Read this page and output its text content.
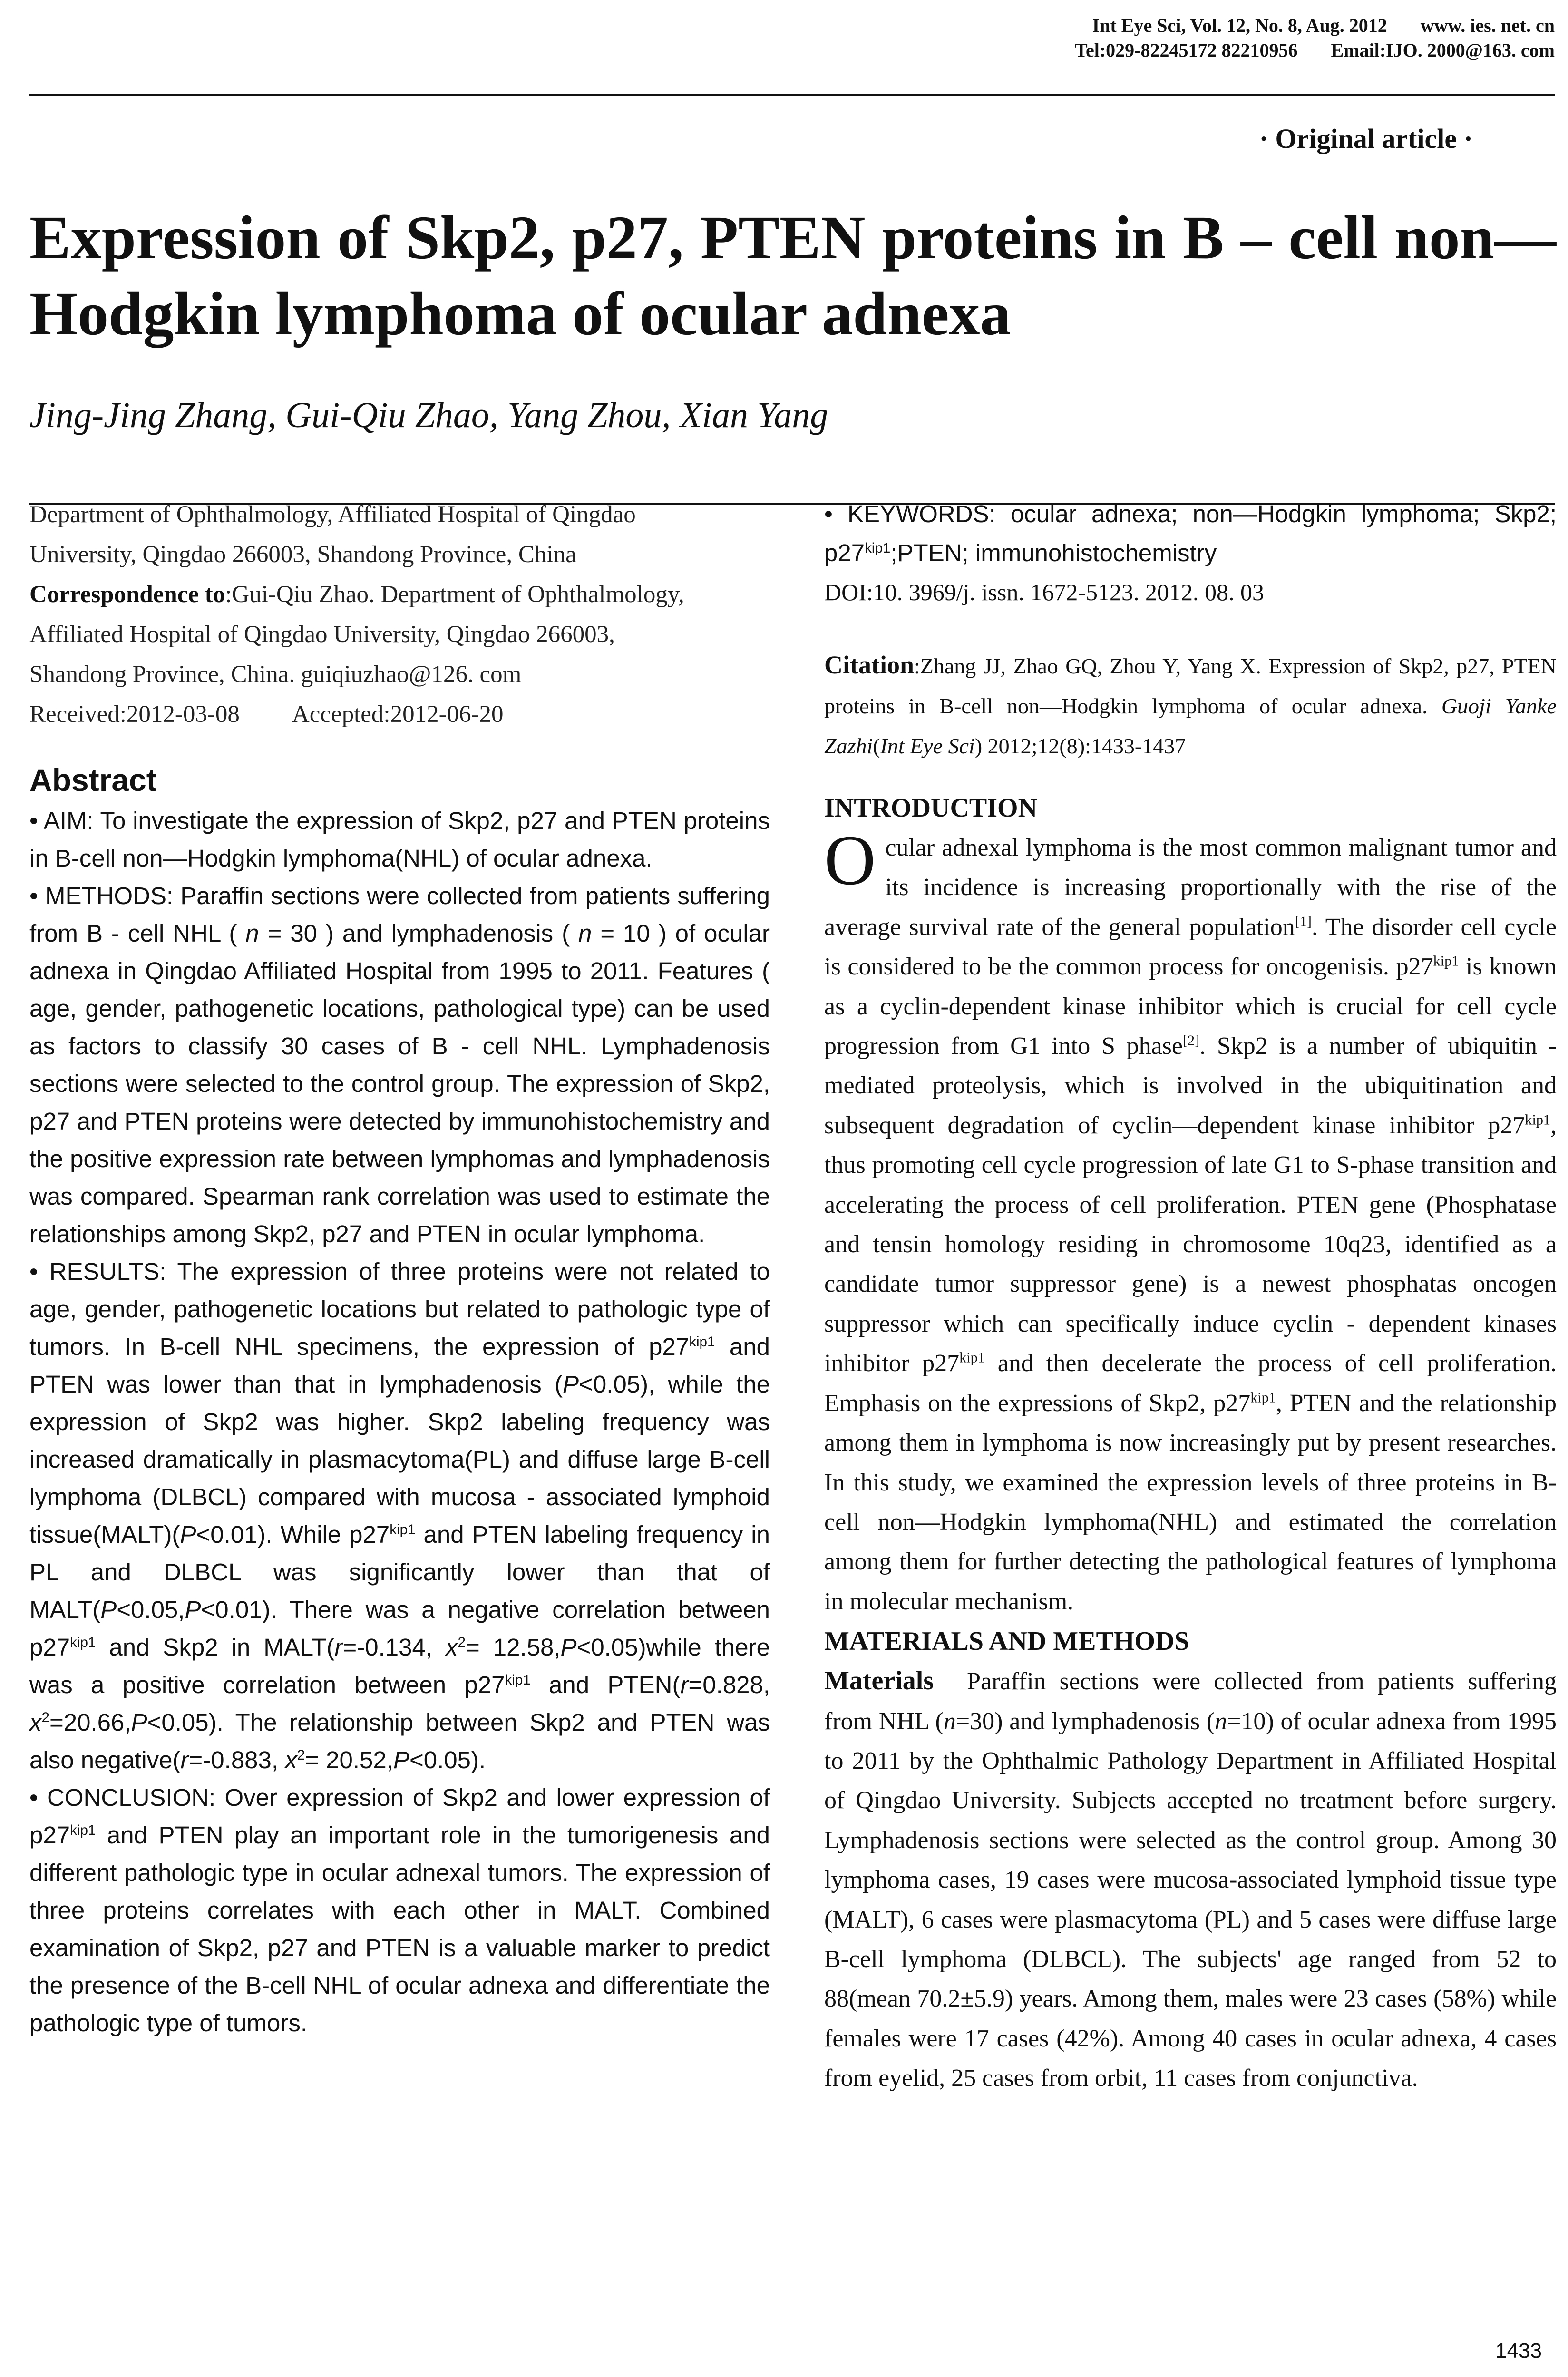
Int Eye Sci, Vol. 12, No. 8, Aug. 2012 www. ies. net. cn
Tel:029-82245172 82210956 Email:IJO. 2000@163. com
· Original article ·
Expression of Skp2, p27, PTEN proteins in B – cell non—Hodgkin lymphoma of ocular adnexa
Jing-Jing Zhang, Gui-Qiu Zhao, Yang Zhou, Xian Yang
Department of Ophthalmology, Affiliated Hospital of Qingdao
University, Qingdao 266003, Shandong Province, China
Correspondence to:Gui-Qiu Zhao. Department of Ophthalmology,
Affiliated Hospital of Qingdao University, Qingdao 266003,
Shandong Province, China. guiqiuzhao@126. com
Received:2012-03-08 Accepted:2012-06-20
Abstract

• AIM: To investigate the expression of Skp2, p27 and PTEN proteins in B-cell non—Hodgkin lymphoma(NHL) of ocular adnexa.

• METHODS: Paraffin sections were collected from patients suffering from B - cell NHL ( n = 30 ) and lymphadenosis ( n = 10 ) of ocular adnexa in Qingdao Affiliated Hospital from 1995 to 2011. Features ( age, gender, pathogenetic locations, pathological type) can be used as factors to classify 30 cases of B - cell NHL. Lymphadenosis sections were selected to the control group. The expression of Skp2, p27 and PTEN proteins were detected by immunohistochemistry and the positive expression rate between lymphomas and lymphadenosis was compared. Spearman rank correlation was used to estimate the relationships among Skp2, p27 and PTEN in ocular lymphoma.

• RESULTS: The expression of three proteins were not related to age, gender, pathogenetic locations but related to pathologic type of tumors. In B-cell NHL specimens, the expression of $p27^{kip1}$ and PTEN was lower than that in lymphadenosis (P<0.05), while the expression of Skp2 was higher. Skp2 labeling frequency was increased dramatically in plasmacytoma(PL) and diffuse large B-cell lymphoma (DLBCL) compared with mucosa - associated lymphoid tissue(MALT)(P<0.01). While $p27^{kip1}$ and PTEN labeling frequency in PL and DLBCL was significantly lower than that of MALT(P<0.05,P<0.01). There was a negative correlation between $p27^{kip1}$ and Skp2 in MALT(r=-0.134, $x^2=$ 12.58,P<0.05)while there was a positive correlation between $p27^{kip1}$ and PTEN(r=0.828, $x^2=20.66,P<0.05$). The relationship between Skp2 and PTEN was also negative(r=-0.883, $x^2= 20.52,P<0.05$).

• CONCLUSION: Over expression of Skp2 and lower expression of $p27^{kip1}$ and PTEN play an important role in the tumorigenesis and different pathologic type in ocular adnexal tumors. The expression of three proteins correlates with each other in MALT. Combined examination of Skp2, p27 and PTEN is a valuable marker to predict the presence of the B-cell NHL of ocular adnexa and differentiate the pathologic type of tumors.

• KEYWORDS: ocular adnexa; non—Hodgkin lymphoma; Skp2; $p27^{kip1};PTEN$; immunohistochemistry

DOI:10. 3969/j. issn. 1672-5123. 2012. 08. 03

Citation:Zhang JJ, Zhao GQ, Zhou Y, Yang X. Expression of Skp2, p27, PTEN proteins in B-cell non—Hodgkin lymphoma of ocular adnexa. Guoji Yanke Zazhi(Int Eye Sci) 2012;12(8):1433-1437

INTRODUCTION

Ocular adnexal lymphoma is the most common malignant tumor and its incidence is increasing proportionally with the rise of the average survival rate of the general population[1]. The disorder cell cycle is considered to be the common process for oncogenisis. $p27^{kip1}$ is known as a cyclin-dependent kinase inhibitor which is crucial for cell cycle progression from G1 into S phase[2]. Skp2 is a number of ubiquitin - mediated proteolysis, which is involved in the ubiquitination and subsequent degradation of cyclin—dependent kinase inhibitor $p27^{kip1}$, thus promoting cell cycle progression of late G1 to S-phase transition and accelerating the process of cell proliferation. PTEN gene (Phosphatase and tensin homology residing in chromosome 10q23, identified as a candidate tumor suppressor gene) is a newest phosphatas oncogen suppressor which can specifically induce cyclin - dependent kinases inhibitor $p27^{kip1}$ and then decelerate the process of cell proliferation. Emphasis on the expressions of Skp2, $p27^{kip1}$, PTEN and the relationship among them in lymphoma is now increasingly put by present researches. In this study, we examined the expression levels of three proteins in B-cell non—Hodgkin lymphoma(NHL) and estimated the correlation among them for further detecting the pathological features of lymphoma in molecular mechanism.

MATERIALS AND METHODS

Materials Paraffin sections were collected from patients suffering from NHL (n=30) and lymphadenosis (n=10) of ocular adnexa from 1995 to 2011 by the Ophthalmic Pathology Department in Affiliated Hospital of Qingdao University. Subjects accepted no treatment before surgery. Lymphadenosis sections were selected as the control group. Among 30 lymphoma cases, 19 cases were mucosa-associated lymphoid tissue type (MALT), 6 cases were plasmacytoma (PL) and 5 cases were diffuse large B-cell lymphoma (DLBCL). The subjects' age ranged from 52 to 88(mean 70.2±5.9) years. Among them, males were 23 cases (58%) while females were 17 cases (42%). Among 40 cases in ocular adnexa, 4 cases from eyelid, 25 cases from orbit, 11 cases from conjunctiva.

1433
